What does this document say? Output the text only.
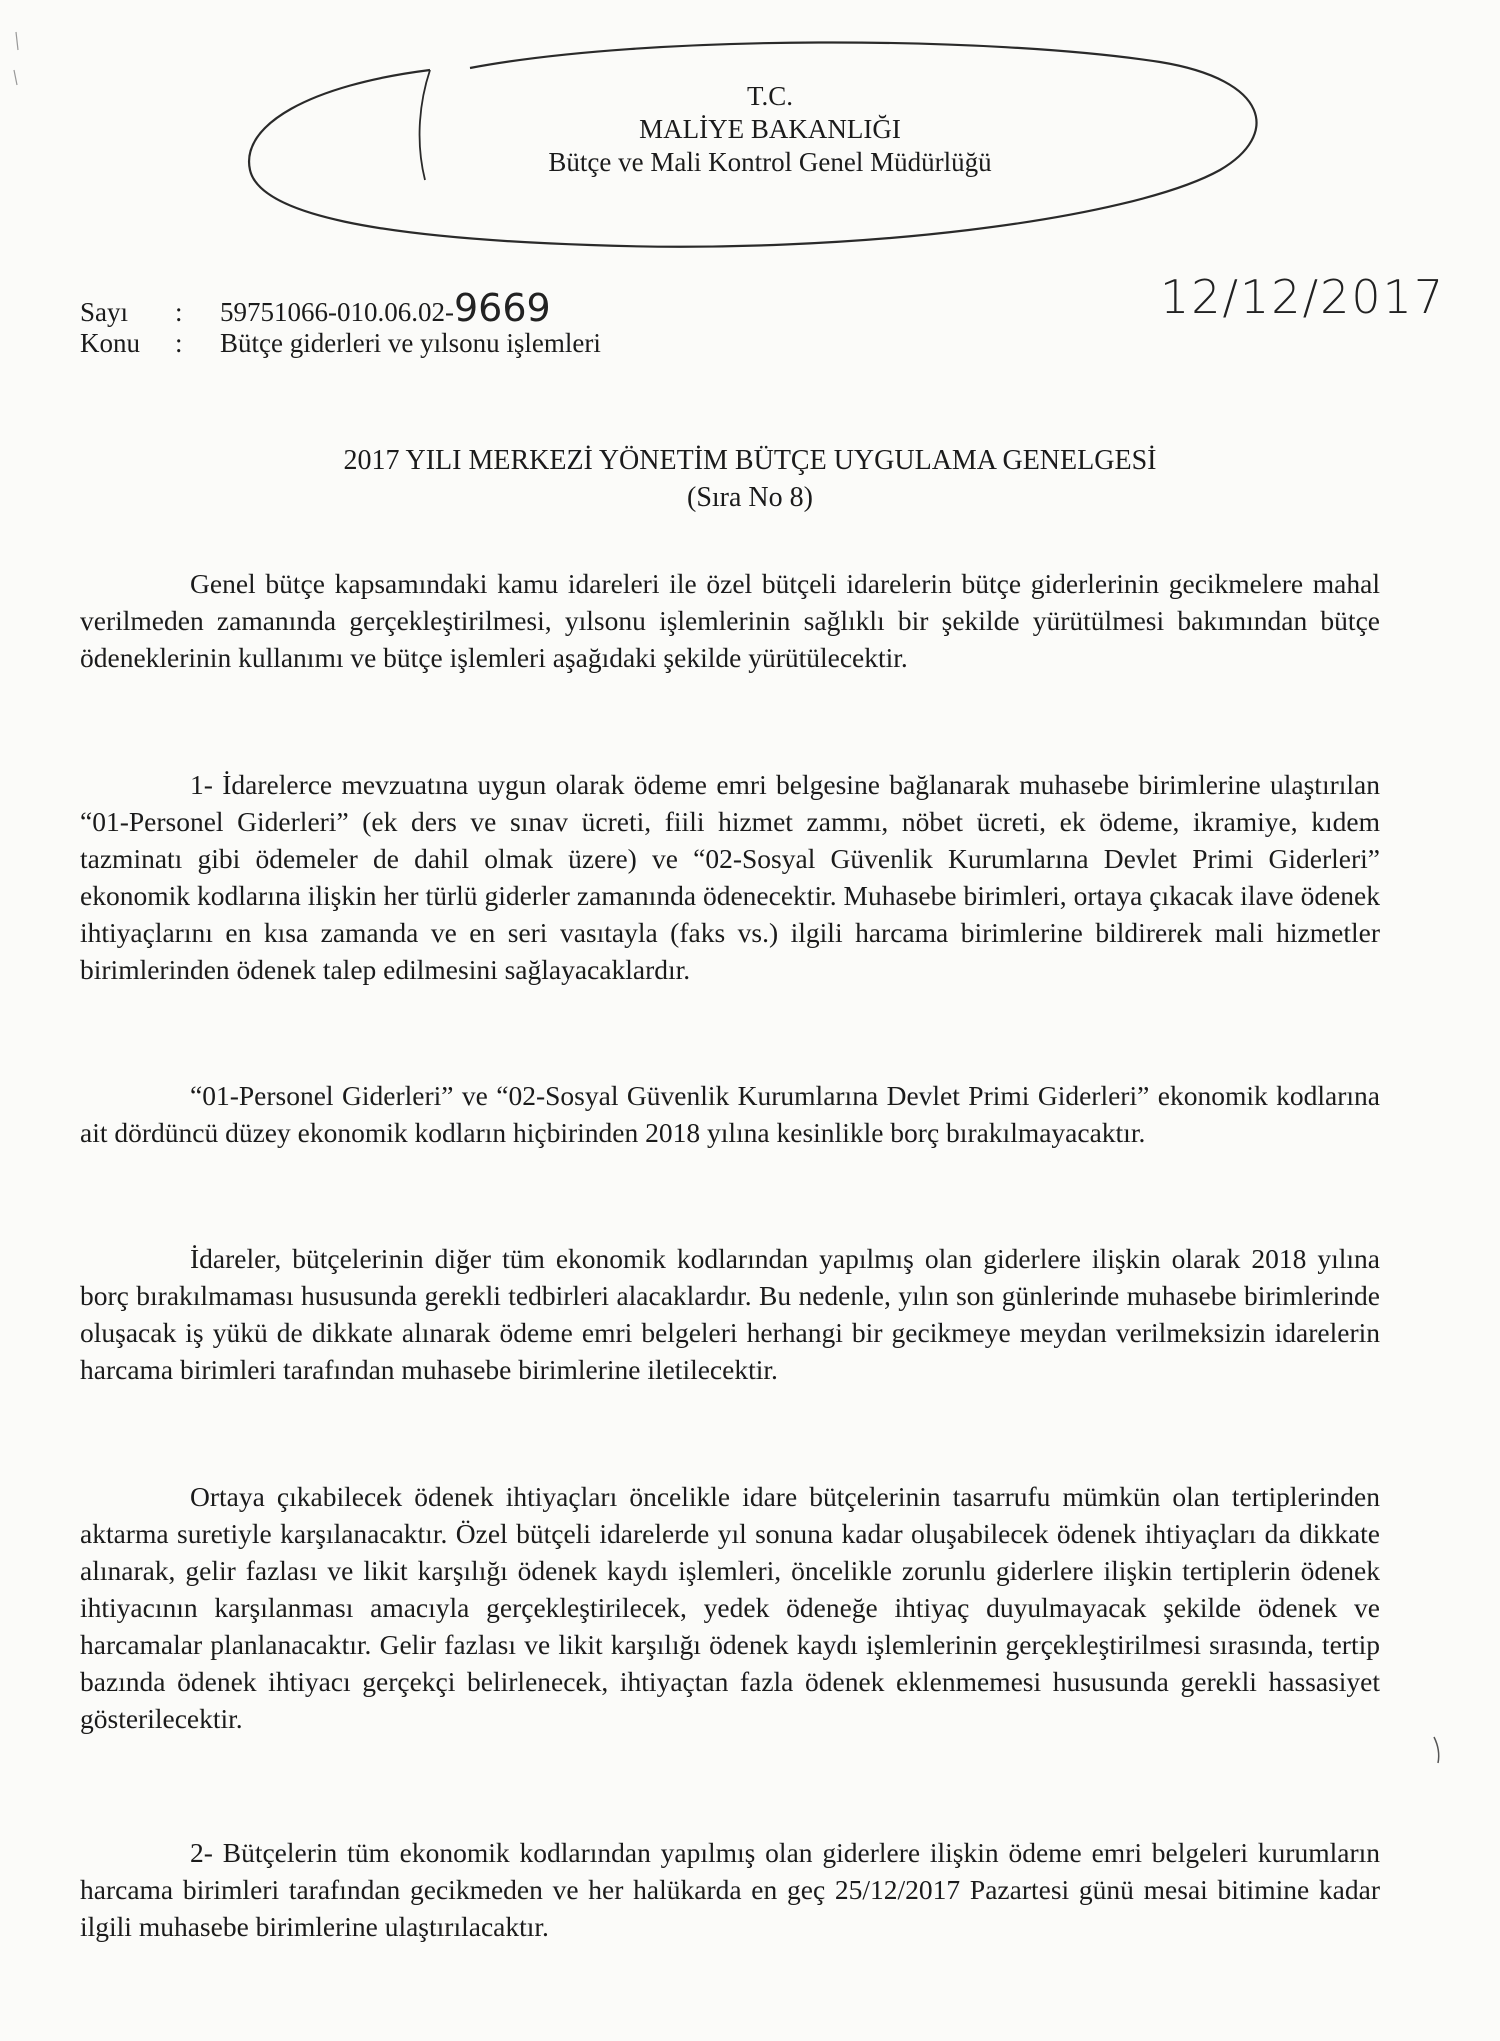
T.C.
MALİYE BAKANLIĞI
Bütçe ve Mali Kontrol Genel Müdürlüğü
Sayı : 59751066-010.06.02-9669
Konu : Bütçe giderleri ve yılsonu işlemleri
12/12/2017
2017 YILI MERKEZİ YÖNETİM BÜTÇE UYGULAMA GENELGESİ
(Sıra No 8)
Genel bütçe kapsamındaki kamu idareleri ile özel bütçeli idarelerin bütçe giderlerinin gecikmelere mahal verilmeden zamanında gerçekleştirilmesi, yılsonu işlemlerinin sağlıklı bir şekilde yürütülmesi bakımından bütçe ödeneklerinin kullanımı ve bütçe işlemleri aşağıdaki şekilde yürütülecektir.
1- İdarelerce mevzuatına uygun olarak ödeme emri belgesine bağlanarak muhasebe birimlerine ulaştırılan “01-Personel Giderleri” (ek ders ve sınav ücreti, fiili hizmet zammı, nöbet ücreti, ek ödeme, ikramiye, kıdem tazminatı gibi ödemeler de dahil olmak üzere) ve “02-Sosyal Güvenlik Kurumlarına Devlet Primi Giderleri” ekonomik kodlarına ilişkin her türlü giderler zamanında ödenecektir. Muhasebe birimleri, ortaya çıkacak ilave ödenek ihtiyaçlarını en kısa zamanda ve en seri vasıtayla (faks vs.) ilgili harcama birimlerine bildirerek mali hizmetler birimlerinden ödenek talep edilmesini sağlayacaklardır.
“01-Personel Giderleri” ve “02-Sosyal Güvenlik Kurumlarına Devlet Primi Giderleri” ekonomik kodlarına ait dördüncü düzey ekonomik kodların hiçbirinden 2018 yılına kesinlikle borç bırakılmayacaktır.
İdareler, bütçelerinin diğer tüm ekonomik kodlarından yapılmış olan giderlere ilişkin olarak 2018 yılına borç bırakılmaması hususunda gerekli tedbirleri alacaklardır. Bu nedenle, yılın son günlerinde muhasebe birimlerinde oluşacak iş yükü de dikkate alınarak ödeme emri belgeleri herhangi bir gecikmeye meydan verilmeksizin idarelerin harcama birimleri tarafından muhasebe birimlerine iletilecektir.
Ortaya çıkabilecek ödenek ihtiyaçları öncelikle idare bütçelerinin tasarrufu mümkün olan tertiplerinden aktarma suretiyle karşılanacaktır. Özel bütçeli idarelerde yıl sonuna kadar oluşabilecek ödenek ihtiyaçları da dikkate alınarak, gelir fazlası ve likit karşılığı ödenek kaydı işlemleri, öncelikle zorunlu giderlere ilişkin tertiplerin ödenek ihtiyacının karşılanması amacıyla gerçekleştirilecek, yedek ödeneğe ihtiyaç duyulmayacak şekilde ödenek ve harcamalar planlanacaktır. Gelir fazlası ve likit karşılığı ödenek kaydı işlemlerinin gerçekleştirilmesi sırasında, tertip bazında ödenek ihtiyacı gerçekçi belirlenecek, ihtiyaçtan fazla ödenek eklenmemesi hususunda gerekli hassasiyet gösterilecektir.
2- Bütçelerin tüm ekonomik kodlarından yapılmış olan giderlere ilişkin ödeme emri belgeleri kurumların harcama birimleri tarafından gecikmeden ve her halükarda en geç 25/12/2017 Pazartesi günü mesai bitimine kadar ilgili muhasebe birimlerine ulaştırılacaktır.
